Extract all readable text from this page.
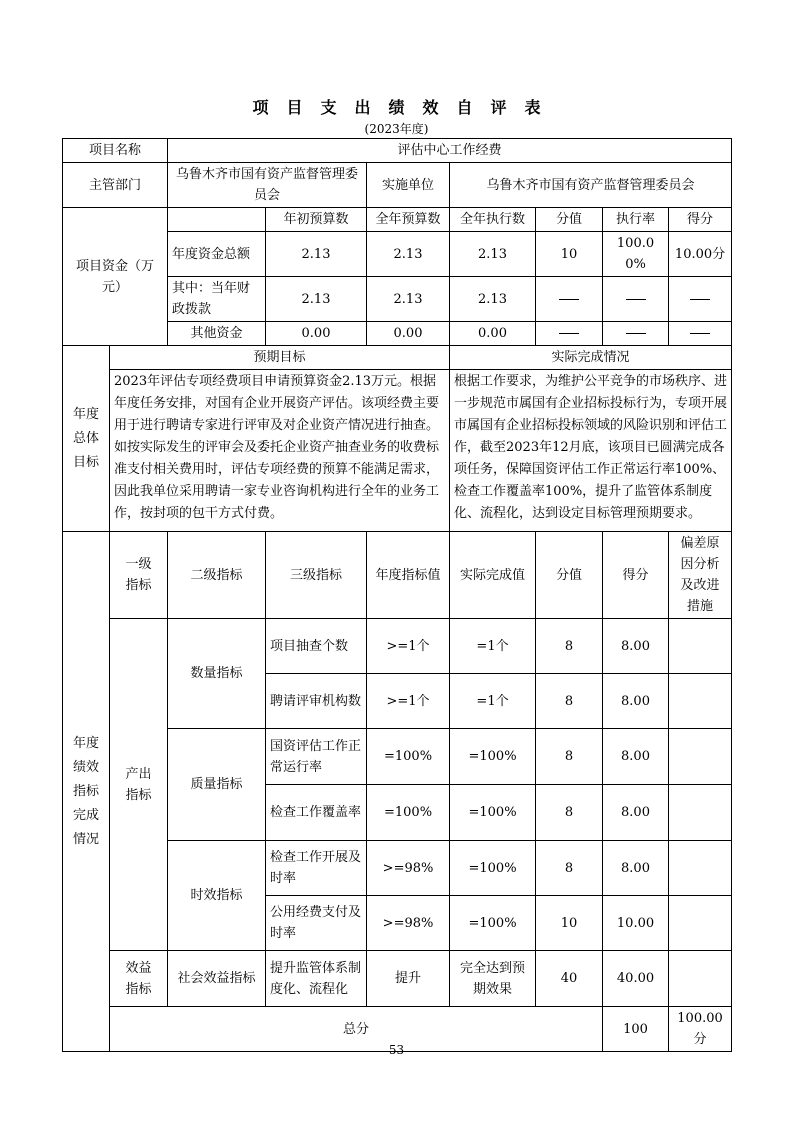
项目支出绩效自评表
(2023年度)
项目名称		评估中心工作经费							
主管部门		乌鲁木齐市国有资产监督管理委员会		实施单位	乌鲁木齐市国有资产监督管理委员会				
项目资金（万元）			年初预算数	全年预算数	全年执行数	分值	执行率	得分	
		年度资金总额	2.13	2.13	2.13	10	100.00%	10.00分	
		其中：当年财政拨款	2.13	2.13	2.13				
		其他资金	0.00	0.00	0.00				
年度总体目标	预期目标				实际完成情况				
	2023年评估专项经费项目申请预算资金2.13万元。根据年度任务安排，对国有企业开展资产评估。该项经费主要用于进行聘请专家进行评审及对企业资产情况进行抽查。如按实际发生的评审会及委托企业资产抽查业务的收费标准支付相关费用时，评估专项经费的预算不能满足需求，因此我单位采用聘请一家专业咨询机构进行全年的业务工作，按封项的包干方式付费。				根据工作要求，为维护公平竞争的市场秩序、进一步规范市属国有企业招标投标行为，专项开展市属国有企业招标投标领域的风险识别和评估工作，截至2023年12月底，该项目已圆满完成各项任务，保障国资评估工作正常运行率100%、检查工作覆盖率100%，提升了监管体系制度化、流程化，达到设定目标管理预期要求。				

年度绩效指标完成情况	一级指标	二级指标	三级指标	年度指标值	实际完成值	分值	得分	偏差原因分析及改进措施	

	产出指标	数量指标	项目抽查个数	>=1个	=1个	8	8.00		
			聘请评审机构数	>=1个	=1个	8	8.00		
		质量指标	国资评估工作正常运行率	=100%	=100%	8	8.00		
			检查工作覆盖率	=100%	=100%	8	8.00		
		时效指标	检查工作开展及时率	>=98%	=100%	8	8.00		
			公用经费支付及时率	>=98%	=100%	10	10.00		

	效益指标	社会效益指标	提升监管体系制度化、流程化	提升	完全达到预期效果	40	40.00		
	总分						100	100.00分	

53
